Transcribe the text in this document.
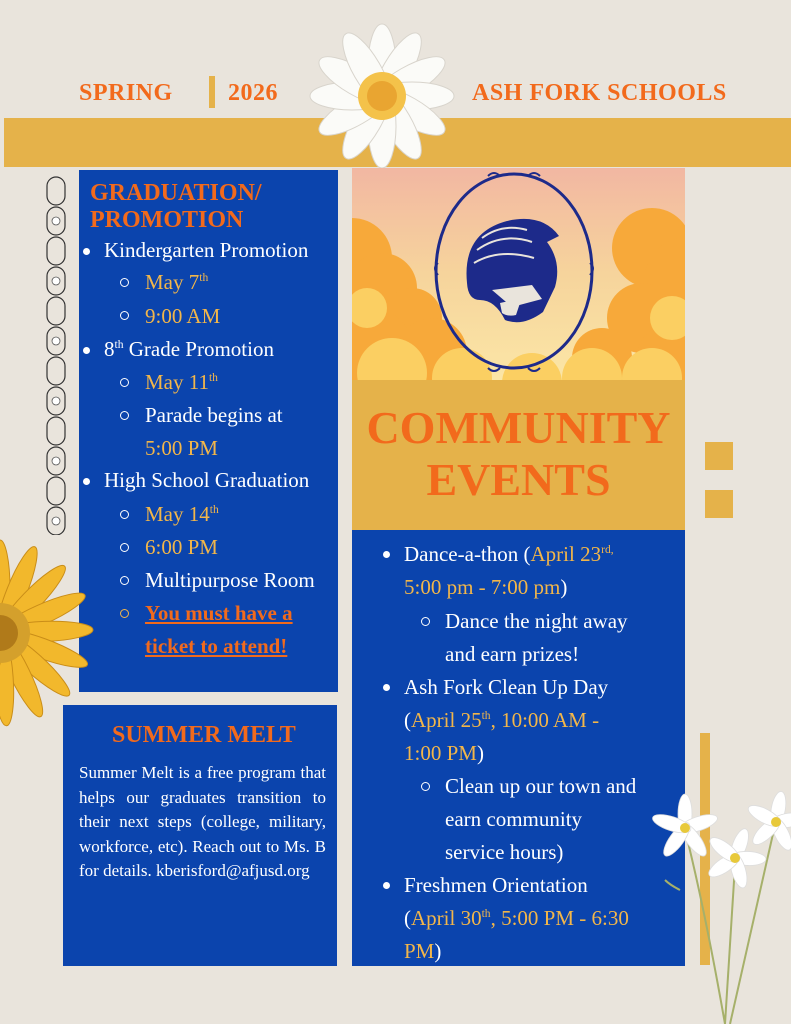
SPRING 2026	ASH FORK SCHOOLS
GRADUATION/
PROMOTION
Kindergarten Promotion
May 7th
9:00 AM
8th Grade Promotion
May 11th
Parade begins at
5:00 PM
High School Graduation
May 14th
6:00 PM
Multipurpose Room
You must have a
ticket to attend!
SUMMER MELT
Summer Melt is a free program that helps our graduates transition to their next steps (college, military, workforce, etc). Reach out to Ms. B for details. kberisford@afjusd.org
COMMUNITY
EVENTS
Dance-a-thon (April $23^{rd,}$
5:00 pm - 7:00 pm)
Dance the night away
and earn prizes!
Ash Fork Clean Up Day
(April 25th, 10:00 AM -
1:00 PM)
Clean up our town and
earn community
service hours)
Freshmen Orientation
(April 30th, 5:00 PM - 6:30
PM)
